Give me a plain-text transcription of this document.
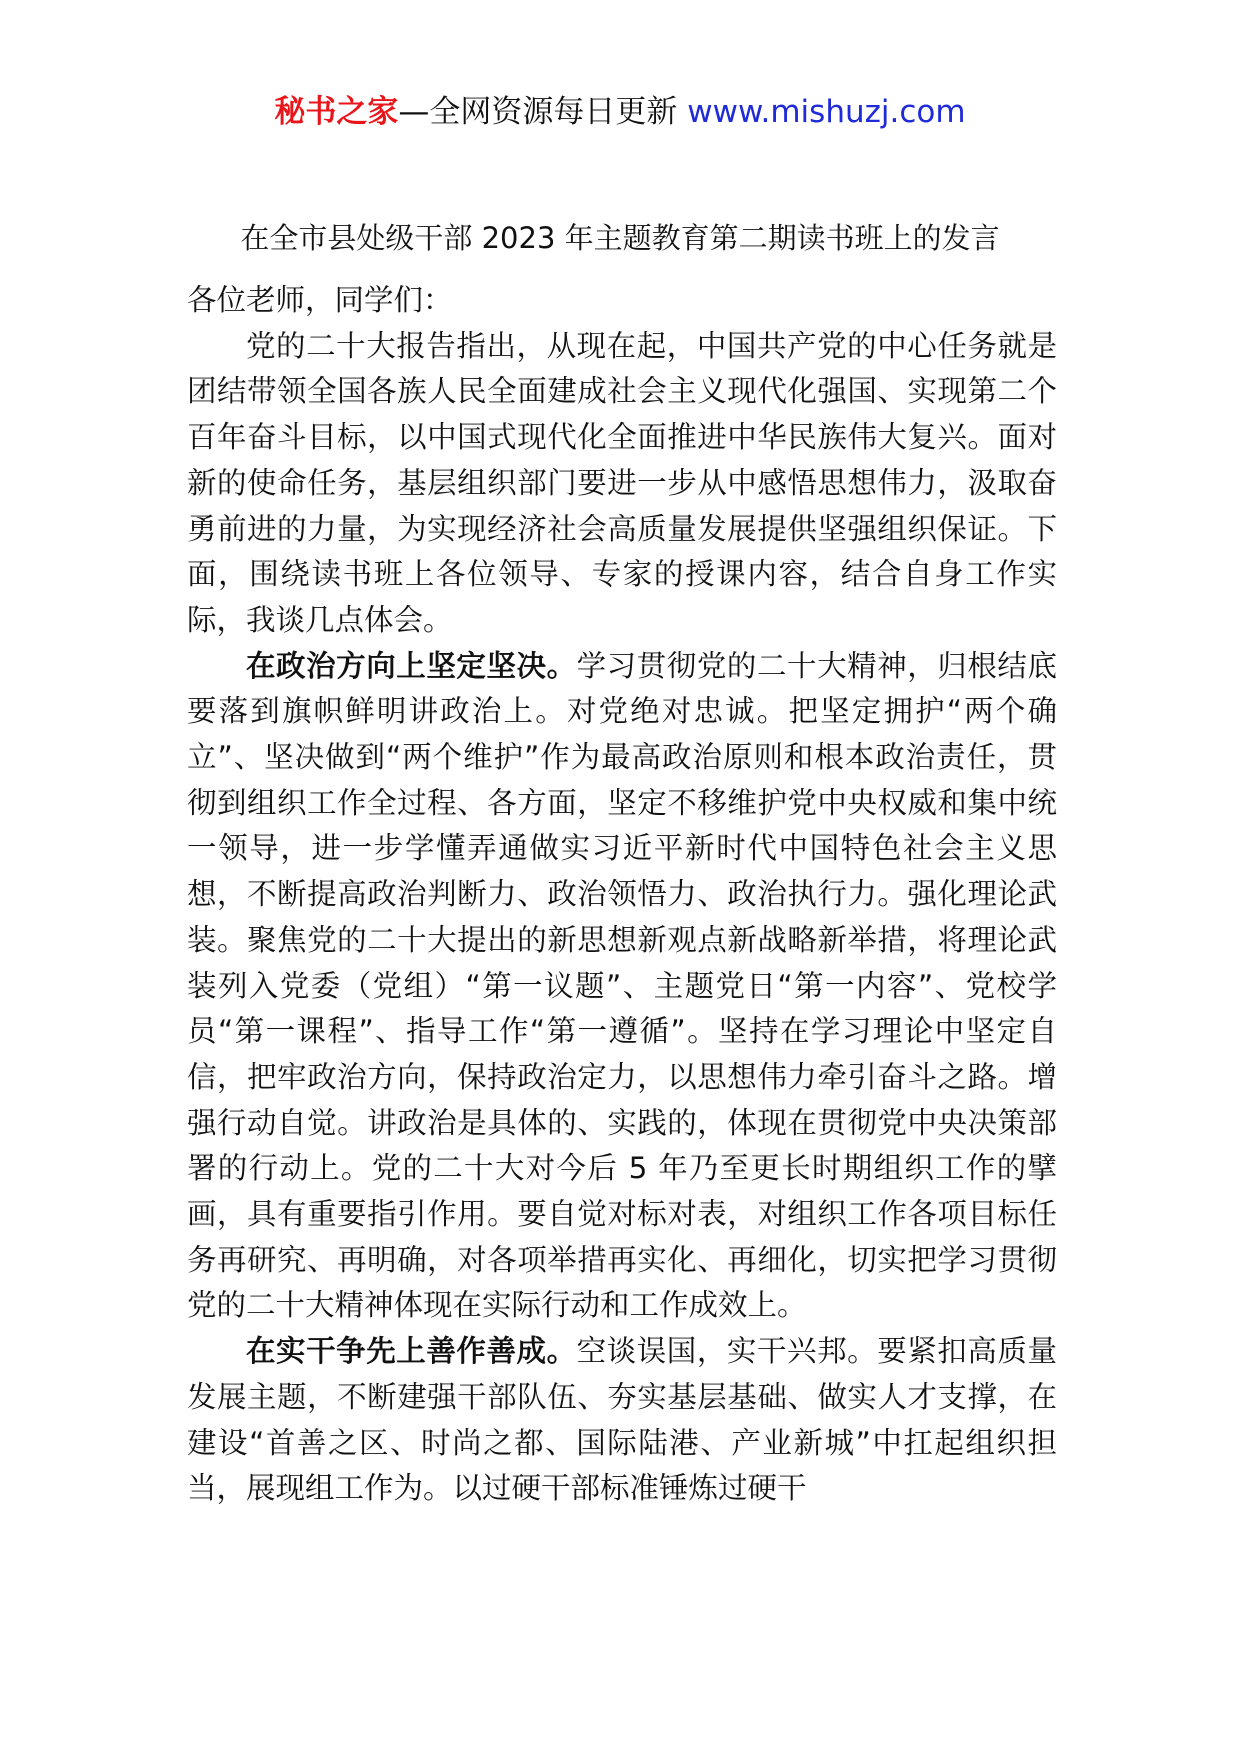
秘书之家—全网资源每日更新 www.mishuzj.com
在全市县处级干部 2023 年主题教育第二期读书班上的发言

各位老师，同学们：

党的二十大报告指出，从现在起，中国共产党的中心任务就是团结带领全国各族人民全面建成社会主义现代化强国、实现第二个百年奋斗目标，以中国式现代化全面推进中华民族伟大复兴。面对新的使命任务，基层组织部门要进一步从中感悟思想伟力，汲取奋勇前进的力量，为实现经济社会高质量发展提供坚强组织保证。下面，围绕读书班上各位领导、专家的授课内容，结合自身工作实际，我谈几点体会。

在政治方向上坚定坚决。学习贯彻党的二十大精神，归根结底要落到旗帜鲜明讲政治上。对党绝对忠诚。把坚定拥护“两个确立”、坚决做到“两个维护”作为最高政治原则和根本政治责任，贯彻到组织工作全过程、各方面，坚定不移维护党中央权威和集中统一领导，进一步学懂弄通做实习近平新时代中国特色社会主义思想，不断提高政治判断力、政治领悟力、政治执行力。强化理论武装。聚焦党的二十大提出的新思想新观点新战略新举措，将理论武装列入党委（党组）“第一议题”、主题党日“第一内容”、党校学员“第一课程”、指导工作“第一遵循”。坚持在学习理论中坚定自信，把牢政治方向，保持政治定力，以思想伟力牵引奋斗之路。增强行动自觉。讲政治是具体的、实践的，体现在贯彻党中央决策部署的行动上。党的二十大对今后 5 年乃至更长时期组织工作的擘画，具有重要指引作用。要自觉对标对表，对组织工作各项目标任务再研究、再明确，对各项举措再实化、再细化，切实把学习贯彻党的二十大精神体现在实际行动和工作成效上。

在实干争先上善作善成。空谈误国，实干兴邦。要紧扣高质量发展主题，不断建强干部队伍、夯实基层基础、做实人才支撑，在建设“首善之区、时尚之都、国际陆港、产业新城”中扛起组织担当，展现组工作为。以过硬干部标准锤炼过硬干
